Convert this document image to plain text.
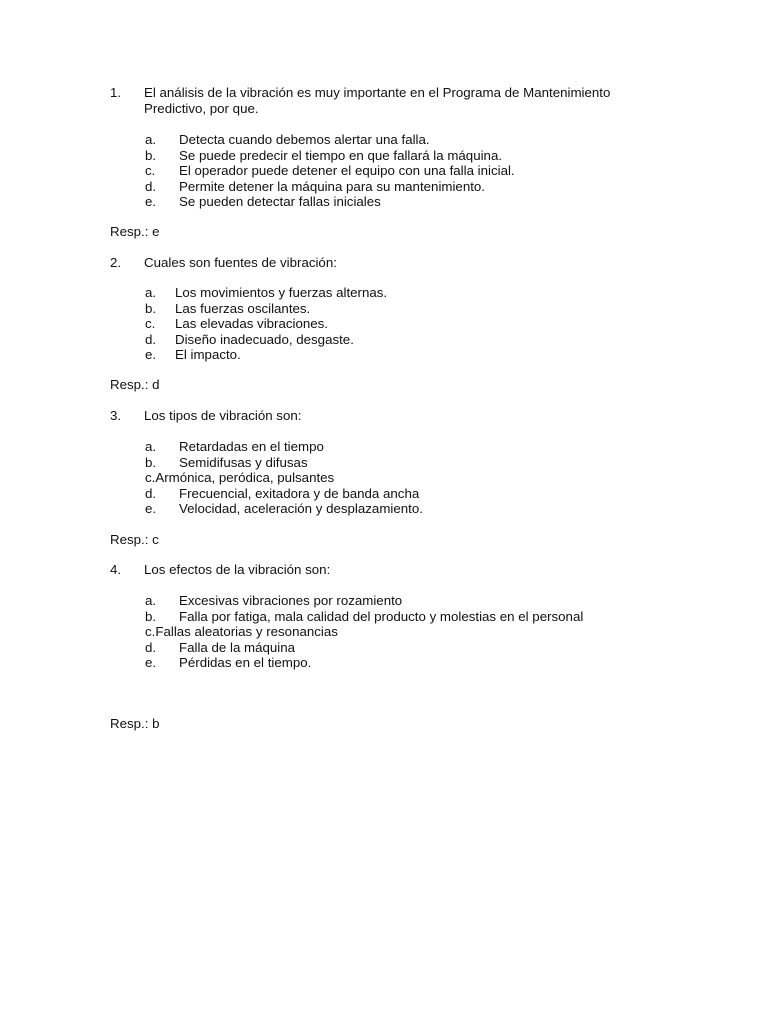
1. El análisis de la vibración es muy importante en el Programa de Mantenimiento Predictivo, por que.
a. Detecta cuando debemos alertar una falla.
b. Se puede predecir el tiempo en que fallará la máquina.
c. El operador puede detener el equipo con una falla inicial.
d. Permite detener la máquina para su mantenimiento.
e. Se pueden detectar fallas iniciales
Resp.: e
2. Cuales son fuentes de vibración:
a. Los movimientos y fuerzas alternas.
b. Las fuerzas oscilantes.
c. Las elevadas vibraciones.
d. Diseño inadecuado, desgaste.
e. El impacto.
Resp.: d
3. Los tipos de vibración son:
a. Retardadas en el tiempo
b. Semidifusas y difusas
c.Armónica, peródica, pulsantes
d. Frecuencial, exitadora y de banda ancha
e. Velocidad, aceleración y desplazamiento.
Resp.: c
4. Los efectos de la vibración son:
a. Excesivas vibraciones por rozamiento
b. Falla por fatiga, mala calidad del producto y molestias en el personal
c.Fallas aleatorias y resonancias
d. Falla de la máquina
e. Pérdidas en el tiempo.
Resp.: b
